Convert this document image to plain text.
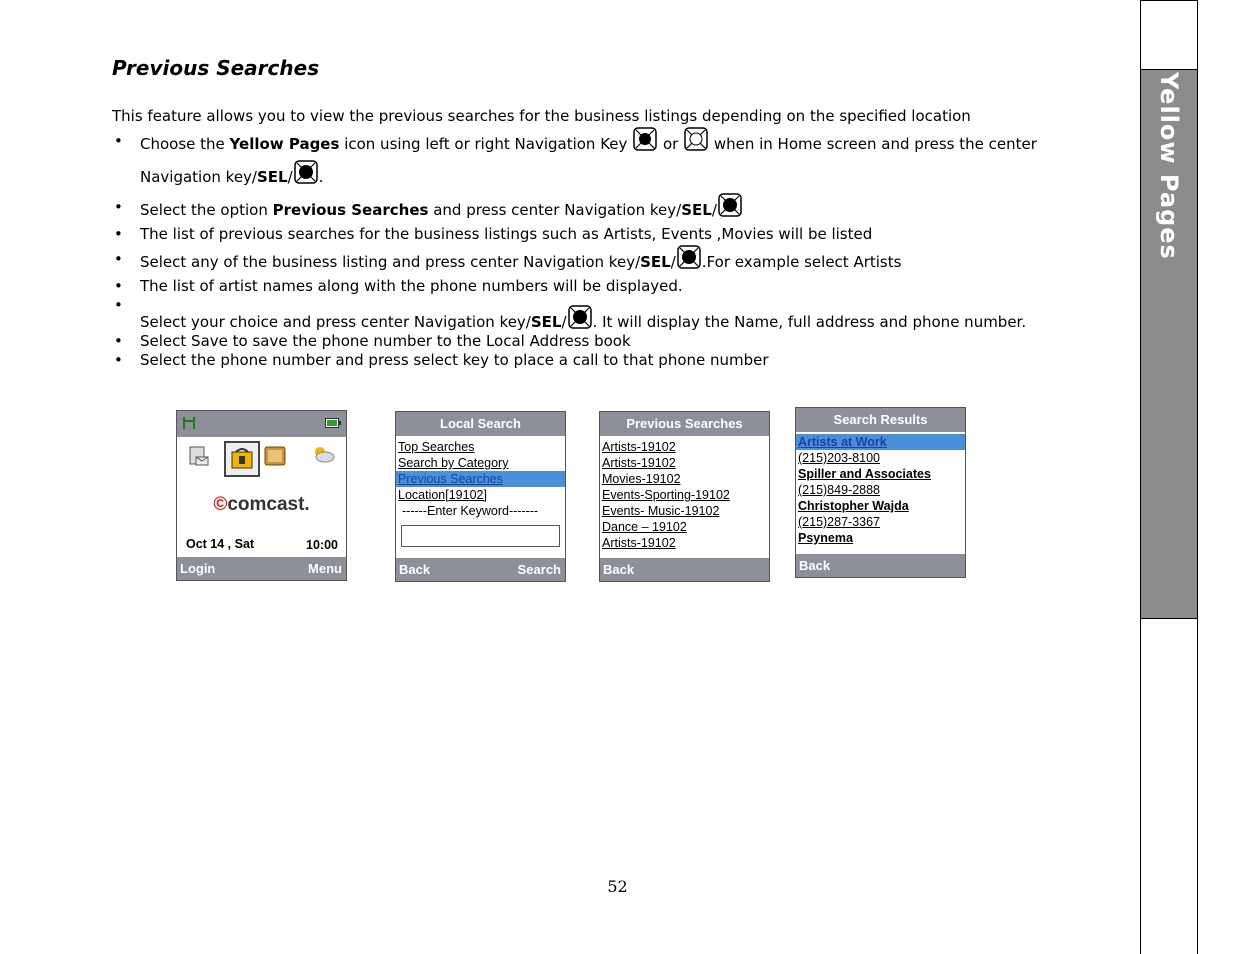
Yellow Pages
Previous Searches
This feature allows you to view the previous searches for the business listings depending on the specified location
• Choose the Yellow Pages icon using left or right Navigation Key  or  when in Home screen and press the center Navigation key/SEL/ .
• Select the option Previous Searches and press center Navigation key/SEL/
• The list of previous searches for the business listings such as Artists, Events ,Movies will be listed
• Select any of the business listing and press center Navigation key/SEL/ .For example select Artists
• The list of artist names along with the phone numbers will be displayed.
• Select your choice and press center Navigation key/SEL/ . It will display the Name, full address and phone number.
• Select Save to save the phone number to the Local Address book
• Select the phone number and press select key to place a call to that phone number
©comcast.
Oct 14 , Sat	10:00
Login	Menu
Local Search
Top Searches
Search by Category
Previous Searches
Location[19102]
------Enter Keyword-------
Back	Search
Previous Searches
Artists-19102
Artists-19102
Movies-19102
Events-Sporting-19102
Events- Music-19102
Dance – 19102
Artists-19102
Back
Search Results
Artists at Work
(215)203-8100
Spiller and Associates
(215)849-2888
Christopher Wajda
(215)287-3367
Psynema
Back
52
